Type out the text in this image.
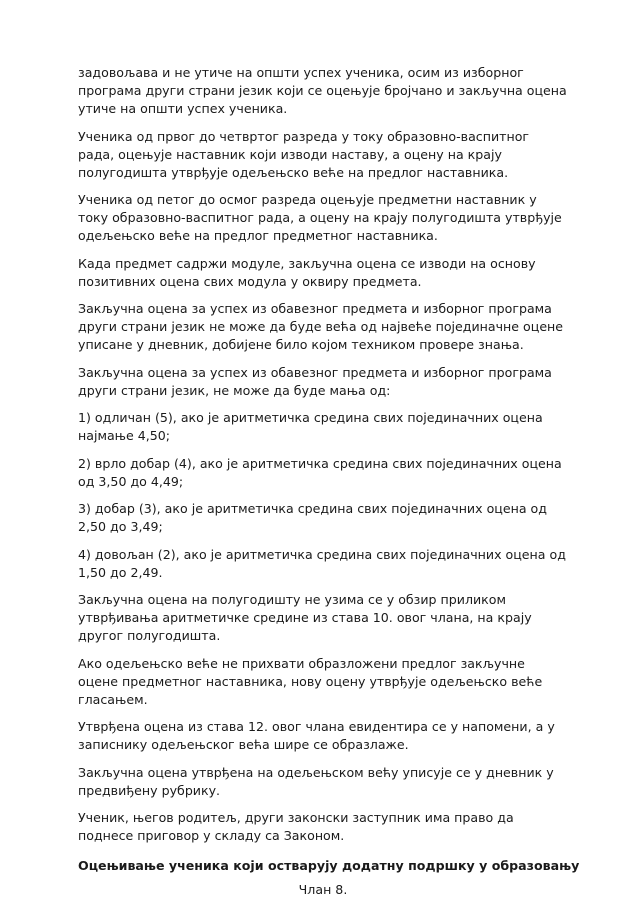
задовољава и не утиче на општи успех ученика, осим из изборног програма други страни језик који се оцењује бројчано и закључна оцена утиче на општи успех ученика.

Ученика од првог до четвртог разреда у току образовно-васпитног рада, оцењује наставник који изводи наставу, а оцену на крају полугодишта утврђује одељењско веће на предлог наставника.

Ученика од петог до осмог разреда оцењује предметни наставник у току образовно-васпитног рада, а оцену на крају полугодишта утврђује одељењско веће на предлог предметног наставника.

Када предмет садржи модуле, закључна оцена се изводи на основу позитивних оцена свих модула у оквиру предмета.

Закључна оцена за успех из обавезног предмета и изборног програма други страни језик не може да буде већа од највеће појединачне оцене уписане у дневник, добијене било којом техником провере знања.

Закључна оцена за успех из обавезног предмета и изборног програма други страни језик, не може да буде мања од:

1) одличан (5), ако је аритметичка средина свих појединачних оцена најмање 4,50;

2) врло добар (4), ако је аритметичка средина свих појединачних оцена од 3,50 до 4,49;

3) добар (3), ако је аритметичка средина свих појединачних оцена од 2,50 до 3,49;

4) довољан (2), ако је аритметичка средина свих појединачних оцена од 1,50 до 2,49.

Закључна оцена на полугодишту не узима се у обзир приликом утврђивања аритметичке средине из става 10. овог члана, на крају другог полугодишта.

Ако одељењско веће не прихвати образложени предлог закључне оцене предметног наставника, нову оцену утврђује одељењско веће гласањем.

Утврђена оцена из става 12. овог члана евидентира се у напомени, а у записнику одељењског већа шире се образлаже.

Закључна оцена утврђена на одељењском већу уписује се у дневник у предвиђену рубрику.

Ученик, његов родитељ, други законски заступник има право да поднесе приговор у складу са Законом.

Оцењивање ученика који остварују додатну подршку у образовању
Члан 8.
